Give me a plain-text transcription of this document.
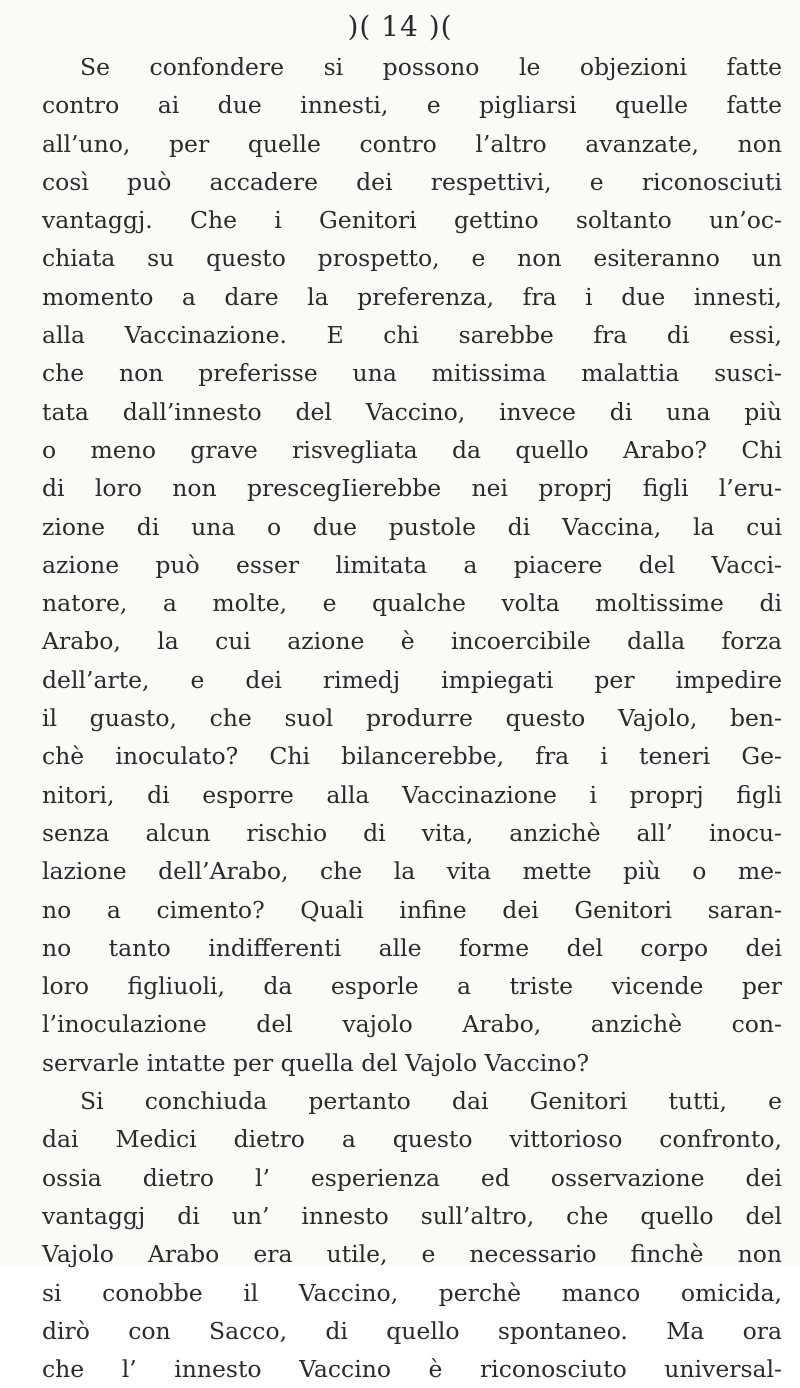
)( 14 )(
Se confondere si possono le objezioni fatte
contro ai due innesti, e pigliarsi quelle fatte
all’uno, per quelle contro l’altro avanzate, non
così può accadere dei respettivi, e riconosciuti
vantaggj. Che i Genitori gettino soltanto un’oc-
chiata su questo prospetto, e non esiteranno un
momento a dare la preferenza, fra i due innesti,
alla Vaccinazione. E chi sarebbe fra di essi,
che non preferisse una mitissima malattia susci-
tata dall’innesto del Vaccino, invece di una più
o meno grave risvegliata da quello Arabo? Chi
di loro non prescegIierebbe nei proprj figli l’eru-
zione di una o due pustole di Vaccina, la cui
azione può esser limitata a piacere del Vacci-
natore, a molte, e qualche volta moltissime di
Arabo, la cui azione è incoercibile dalla forza
dell’arte, e dei rimedj impiegati per impedire
il guasto, che suol produrre questo Vajolo, ben-
chè inoculato? Chi bilancerebbe, fra i teneri Ge-
nitori, di esporre alla Vaccinazione i proprj figli
senza alcun rischio di vita, anzichè all’ inocu-
lazione dell’Arabo, che la vita mette più o me-
no a cimento? Quali infine dei Genitori saran-
no tanto indifferenti alle forme del corpo dei
loro figliuoli, da esporle a triste vicende per
l’inoculazione del vajolo Arabo, anzichè con-
servarle intatte per quella del Vajolo Vaccino?
Si conchiuda pertanto dai Genitori tutti, e
dai Medici dietro a questo vittorioso confronto,
ossia dietro l’ esperienza ed osservazione dei
vantaggj di un’ innesto sull’altro, che quello del
Vajolo Arabo era utile, e necessario finchè non
si conobbe il Vaccino, perchè manco omicida,
dirò con Sacco, di quello spontaneo. Ma ora
che l’ innesto Vaccino è riconosciuto universal-
